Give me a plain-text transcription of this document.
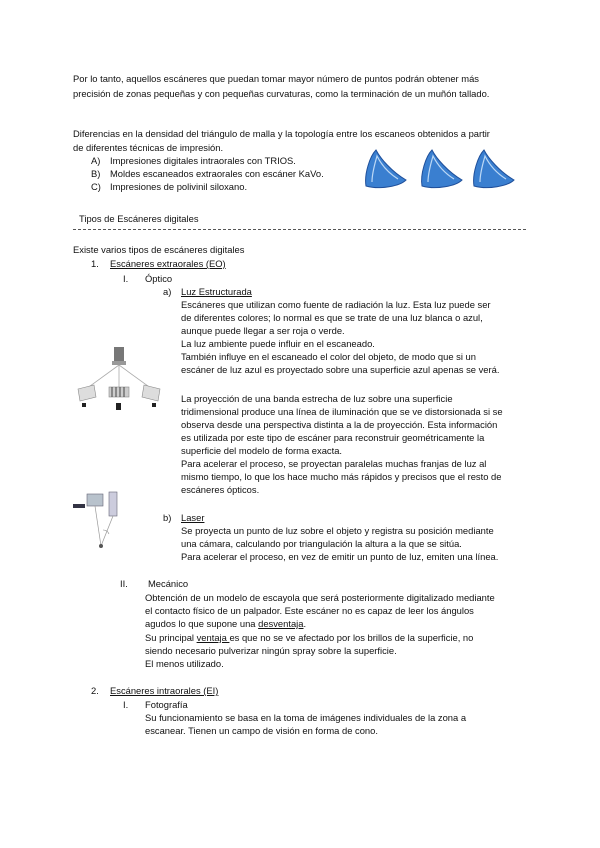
Por lo tanto, aquellos escáneres que puedan tomar mayor número de puntos podrán obtener más
precisión de zonas pequeñas y con pequeñas curvaturas, como la terminación de un muñón tallado.
Diferencias en la densidad del triángulo de malla y la topología entre los escaneos obtenidos a partir
de diferentes técnicas de impresión.
A) Impresiones digitales intraorales con TRIOS.
B) Moldes escaneados extraorales con escáner KaVo.
C) Impresiones de polivinil siloxano.
Tipos de Escáneres digitales
Existe varios tipos de escáneres digitales
1. Escáneres extraorales (EO)
I. Óptico
a) Luz Estructurada
Escáneres que utilizan como fuente de radiación la luz. Esta luz puede ser
de diferentes colores; lo normal es que se trate de una luz blanca o azul,
aunque puede llegar a ser roja o verde.
La luz ambiente puede influir en el escaneado.
También influye en el escaneado el color del objeto, de modo que si un
escáner de luz azul es proyectado sobre una superficie azul apenas se verá.
La proyección de una banda estrecha de luz sobre una superficie
tridimensional produce una línea de iluminación que se ve distorsionada si se
observa desde una perspectiva distinta a la de proyección. Esta información
es utilizada por este tipo de escáner para reconstruir geométricamente la
superficie del modelo de forma exacta.
Para acelerar el proceso, se proyectan paralelas muchas franjas de luz al
mismo tiempo, lo que los hace mucho más rápidos y precisos que el resto de
escáneres ópticos.
b) Laser
Se proyecta un punto de luz sobre el objeto y registra su posición mediante
una cámara, calculando por triangulación la altura a la que se sitúa.
Para acelerar el proceso, en vez de emitir un punto de luz, emiten una línea.
II. Mecánico
Obtención de un modelo de escayola que será posteriormente digitalizado mediante
el contacto físico de un palpador. Este escáner no es capaz de leer los ángulos
agudos lo que supone una desventaja.
Su principal ventaja es que no se ve afectado por los brillos de la superficie, no
siendo necesario pulverizar ningún spray sobre la superficie.
El menos utilizado.
2. Escáneres intraorales (EI)
I. Fotografía
Su funcionamiento se basa en la toma de imágenes individuales de la zona a
escanear. Tienen un campo de visión en forma de cono.
